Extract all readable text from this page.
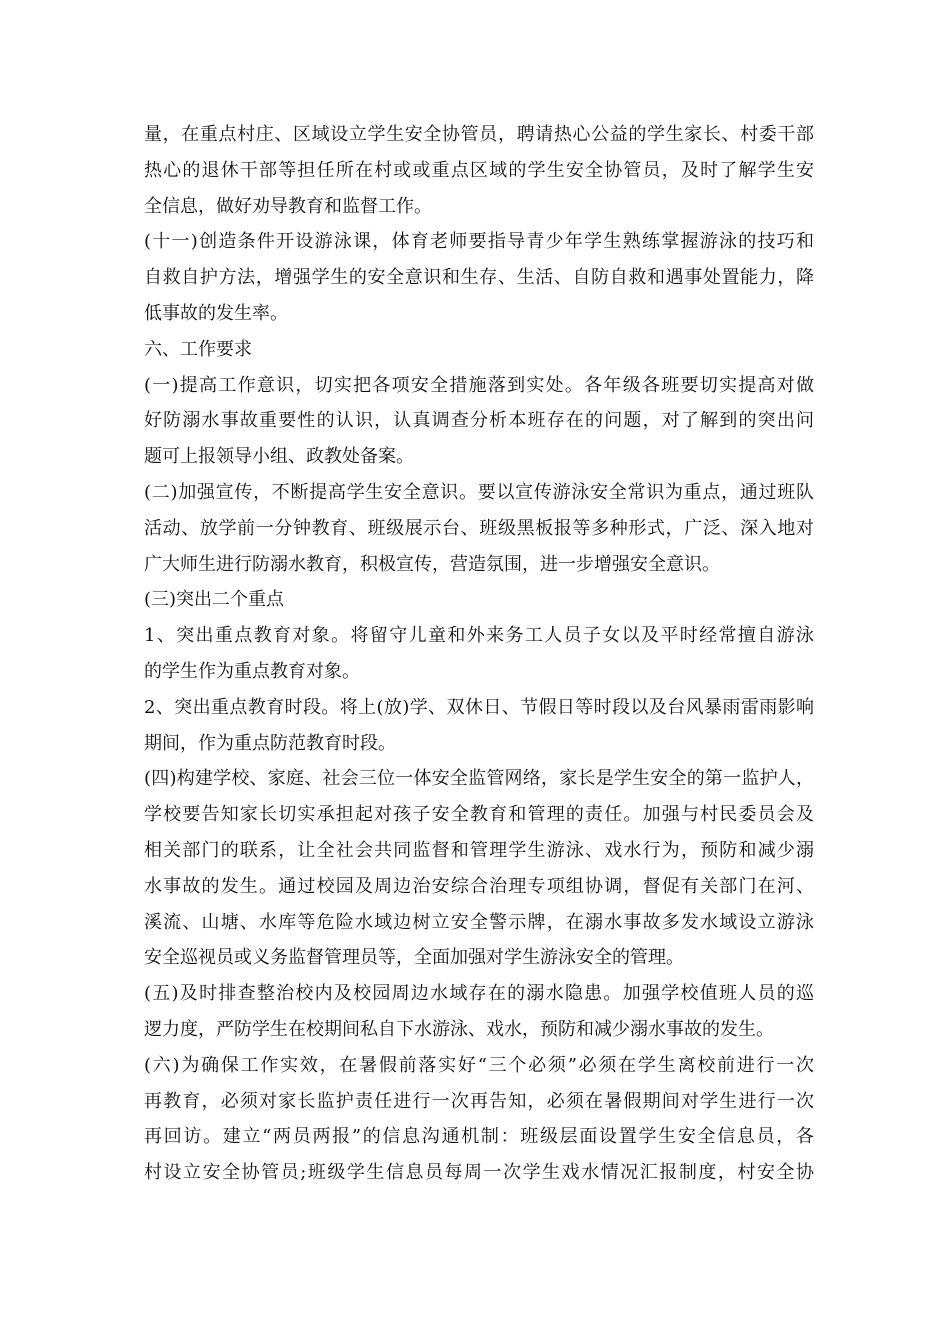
量，在重点村庄、区域设立学生安全协管员，聘请热心公益的学生家长、村委干部
热心的退休干部等担任所在村或或重点区域的学生安全协管员，及时了解学生安
全信息，做好劝导教育和监督工作。
(十一)创造条件开设游泳课，体育老师要指导青少年学生熟练掌握游泳的技巧和
自救自护方法，增强学生的安全意识和生存、生活、自防自救和遇事处置能力，降
低事故的发生率。
六、工作要求
(一)提高工作意识，切实把各项安全措施落到实处。各年级各班要切实提高对做
好防溺水事故重要性的认识，认真调查分析本班存在的问题，对了解到的突出问
题可上报领导小组、政教处备案。
(二)加强宣传，不断提高学生安全意识。要以宣传游泳安全常识为重点，通过班队
活动、放学前一分钟教育、班级展示台、班级黑板报等多种形式，广泛、深入地对
广大师生进行防溺水教育，积极宣传，营造氛围，进一步增强安全意识。
(三)突出二个重点
1、突出重点教育对象。将留守儿童和外来务工人员子女以及平时经常擅自游泳
的学生作为重点教育对象。
2、突出重点教育时段。将上(放)学、双休日、节假日等时段以及台风暴雨雷雨影响
期间，作为重点防范教育时段。
(四)构建学校、家庭、社会三位一体安全监管网络，家长是学生安全的第一监护人，
学校要告知家长切实承担起对孩子安全教育和管理的责任。加强与村民委员会及
相关部门的联系，让全社会共同监督和管理学生游泳、戏水行为，预防和减少溺
水事故的发生。通过校园及周边治安综合治理专项组协调，督促有关部门在河、
溪流、山塘、水库等危险水域边树立安全警示牌，在溺水事故多发水域设立游泳
安全巡视员或义务监督管理员等，全面加强对学生游泳安全的管理。
(五)及时排查整治校内及校园周边水域存在的溺水隐患。加强学校值班人员的巡
逻力度，严防学生在校期间私自下水游泳、戏水，预防和减少溺水事故的发生。
(六)为确保工作实效，在暑假前落实好“三个必须”必须在学生离校前进行一次
再教育，必须对家长监护责任进行一次再告知，必须在暑假期间对学生进行一次
再回访。建立“两员两报”的信息沟通机制：班级层面设置学生安全信息员，各
村设立安全协管员;班级学生信息员每周一次学生戏水情况汇报制度，村安全协
